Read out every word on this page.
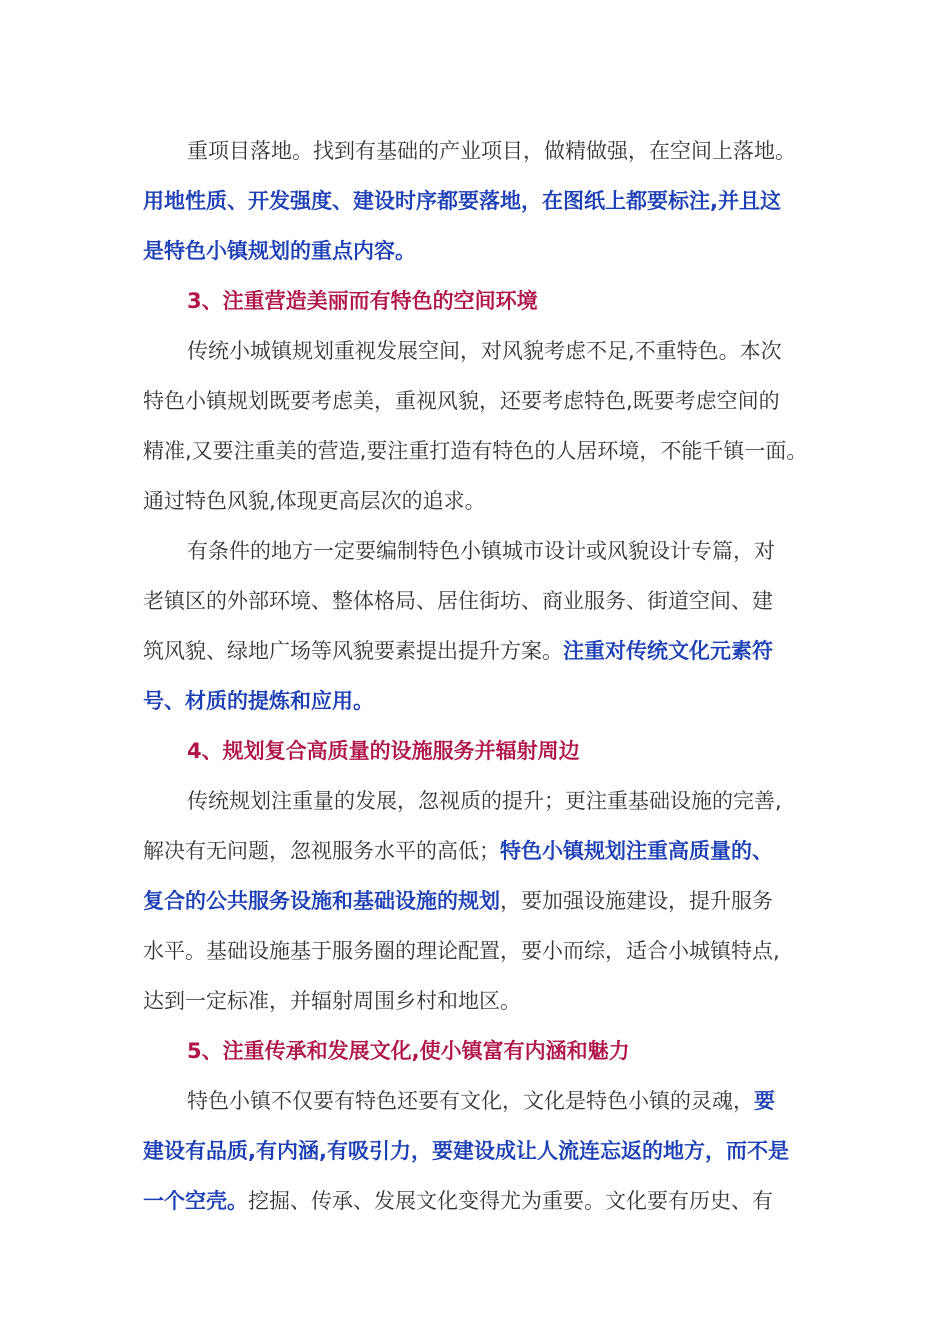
重项目落地。找到有基础的产业项目，做精做强，在空间上落地。
用地性质、开发强度、建设时序都要落地，在图纸上都要标注,并且这
是特色小镇规划的重点内容。
3、注重营造美丽而有特色的空间环境
传统小城镇规划重视发展空间，对风貌考虑不足,不重特色。本次
特色小镇规划既要考虑美，重视风貌，还要考虑特色,既要考虑空间的
精准,又要注重美的营造,要注重打造有特色的人居环境，不能千镇一面。
通过特色风貌,体现更高层次的追求。
有条件的地方一定要编制特色小镇城市设计或风貌设计专篇，对
老镇区的外部环境、整体格局、居住街坊、商业服务、街道空间、建
筑风貌、绿地广场等风貌要素提出提升方案。注重对传统文化元素符
号、材质的提炼和应用。
4、规划复合高质量的设施服务并辐射周边
传统规划注重量的发展，忽视质的提升；更注重基础设施的完善,
解决有无问题，忽视服务水平的高低；特色小镇规划注重高质量的、
复合的公共服务设施和基础设施的规划，要加强设施建设，提升服务
水平。基础设施基于服务圈的理论配置，要小而综，适合小城镇特点,
达到一定标准，并辐射周围乡村和地区。
5、注重传承和发展文化,使小镇富有内涵和魅力
特色小镇不仅要有特色还要有文化，文化是特色小镇的灵魂，要
建设有品质,有内涵,有吸引力，要建设成让人流连忘返的地方，而不是
一个空壳。挖掘、传承、发展文化变得尤为重要。文化要有历史、有
